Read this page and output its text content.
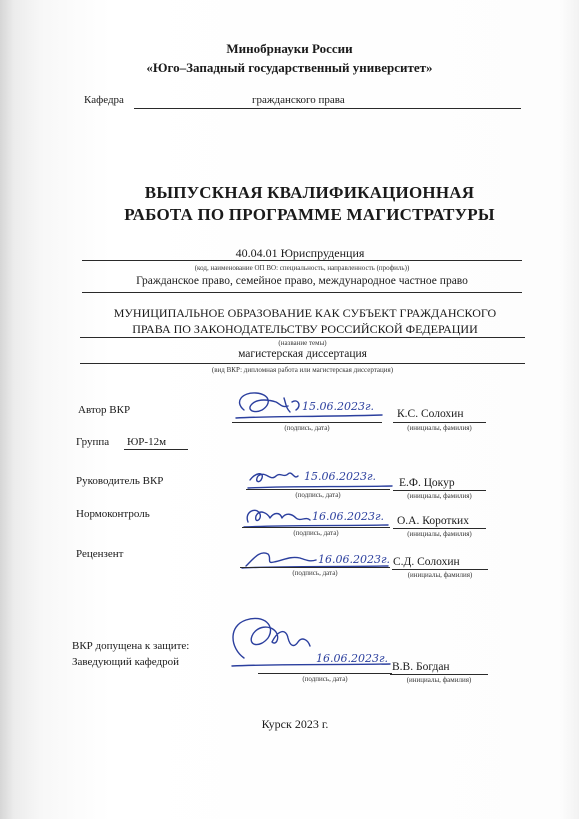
Минобрнауки России
«Юго–Западный государственный университет»
Кафедра	гражданского права
ВЫПУСКНАЯ КВАЛИФИКАЦИОННАЯ
РАБОТА ПО ПРОГРАММЕ МАГИСТРАТУРЫ
40.04.01 Юриспруденция
(код, наименование ОП ВО: специальность, направленность (профиль))
Гражданское право, семейное право, международное частное право
МУНИЦИПАЛЬНОЕ ОБРАЗОВАНИЕ КАК СУБЪЕКТ ГРАЖДАНСКОГО
ПРАВА ПО ЗАКОНОДАТЕЛЬСТВУ РОССИЙСКОЙ ФЕДЕРАЦИИ
(название темы)
магистерская диссертация
(вид ВКР: дипломная работа или магистерская диссертация)
Автор ВКР	15.06.2023г.
(подпись, дата)
К.С. Солохин
(инициалы, фамилия)
Группа ЮР-12м
Руководитель ВКР	15.06.2023г.
(подпись, дата)
Е.Ф. Цокур
(инициалы, фамилия)
Нормоконтроль	16.06.2023г.
(подпись, дата)
О.А. Коротких
(инициалы, фамилия)
Рецензент	16.06.2023г.
(подпись, дата)
С.Д. Солохин
(инициалы, фамилия)
ВКР допущена к защите:
Заведующий кафедрой	16.06.2023г.
(подпись, дата)
В.В. Богдан
(инициалы, фамилия)
Курск 2023 г.
